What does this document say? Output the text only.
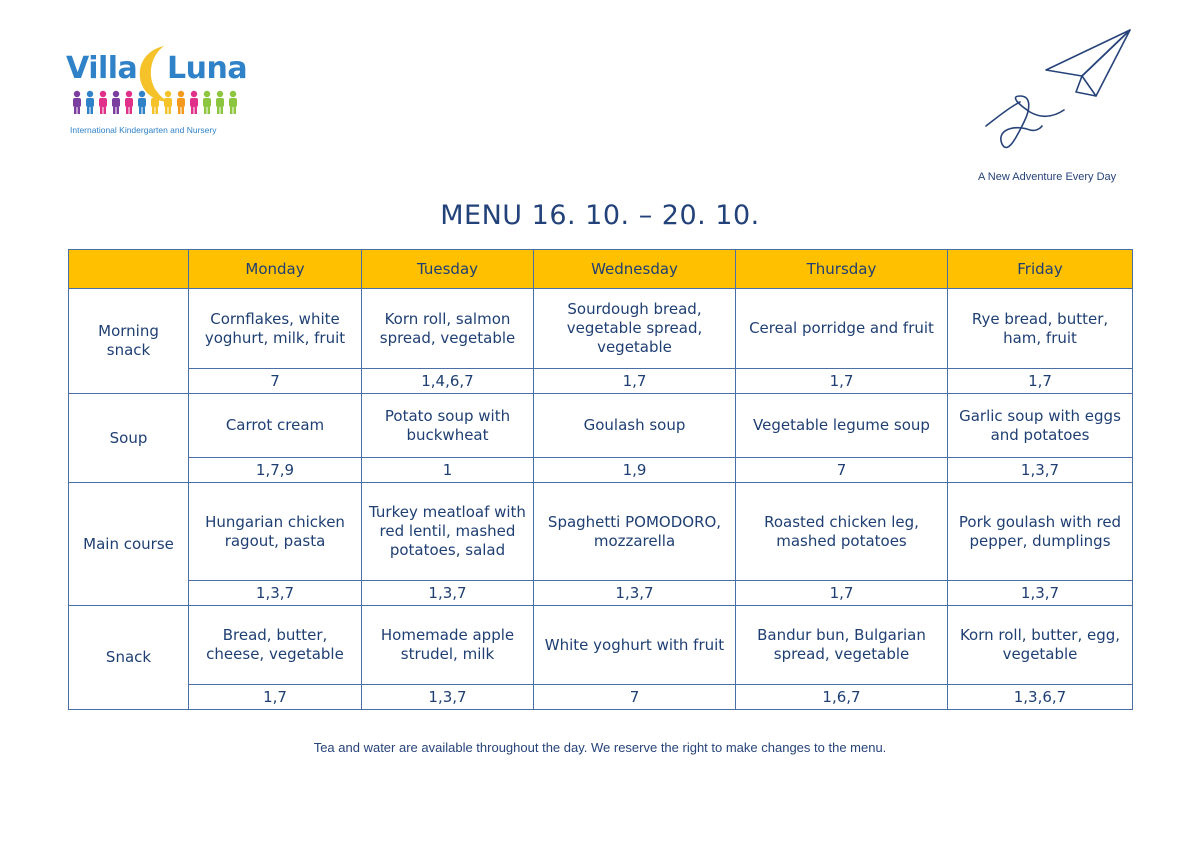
Villa Luna
International Kindergarten and Nursery
A New Adventure Every Day
MENU 16. 10. – 20. 10.
	Monday	Tuesday	Wednesday	Thursday	Friday
Morning snack	Cornflakes, white yoghurt, milk, fruit	Korn roll, salmon spread, vegetable	Sourdough bread, vegetable spread, vegetable	Cereal porridge and fruit	Rye bread, butter, ham, fruit
	7	1,4,6,7	1,7	1,7	1,7
Soup	Carrot cream	Potato soup with buckwheat	Goulash soup	Vegetable legume soup	Garlic soup with eggs and potatoes
	1,7,9	1	1,9	7	1,3,7
Main course	Hungarian chicken ragout, pasta	Turkey meatloaf with red lentil, mashed potatoes, salad	Spaghetti POMODORO, mozzarella	Roasted chicken leg, mashed potatoes	Pork goulash with red pepper, dumplings
	1,3,7	1,3,7	1,3,7	1,7	1,3,7
Snack	Bread, butter, cheese, vegetable	Homemade apple strudel, milk	White yoghurt with fruit	Bandur bun, Bulgarian spread, vegetable	Korn roll, butter, egg, vegetable
	1,7	1,3,7	7	1,6,7	1,3,6,7
Tea and water are available throughout the day. We reserve the right to make changes to the menu.
